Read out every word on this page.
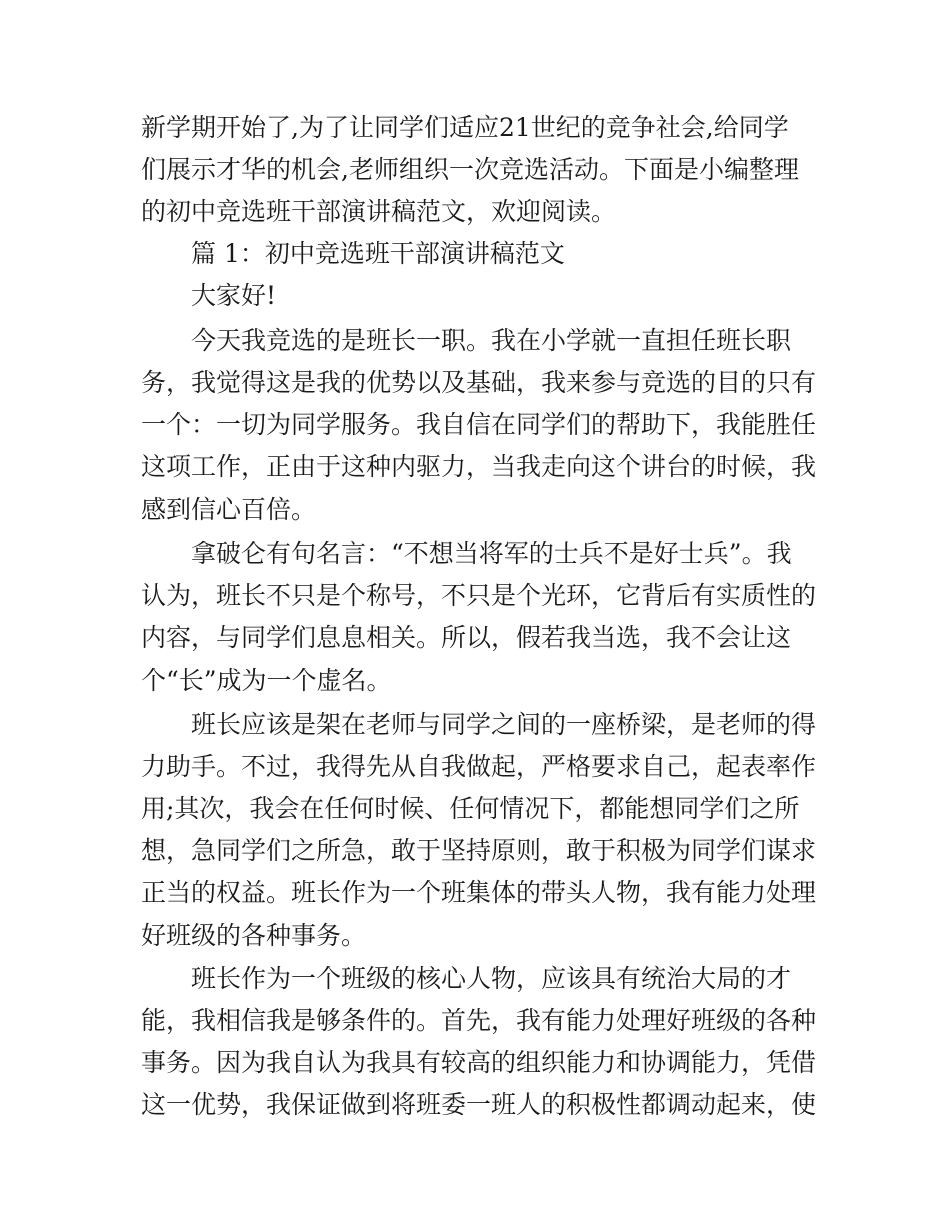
新学期开始了,为了让同学们适应21世纪的竞争社会,给同学
们展示才华的机会,老师组织一次竞选活动。下面是小编整理
的初中竞选班干部演讲稿范文，欢迎阅读。
篇 1：初中竞选班干部演讲稿范文
大家好!
今天我竞选的是班长一职。我在小学就一直担任班长职
务，我觉得这是我的优势以及基础，我来参与竞选的目的只有
一个：一切为同学服务。我自信在同学们的帮助下，我能胜任
这项工作，正由于这种内驱力，当我走向这个讲台的时候，我
感到信心百倍。
拿破仑有句名言：“不想当将军的士兵不是好士兵”。我
认为，班长不只是个称号，不只是个光环，它背后有实质性的
内容，与同学们息息相关。所以，假若我当选，我不会让这
个“长”成为一个虚名。
班长应该是架在老师与同学之间的一座桥梁，是老师的得
力助手。不过，我得先从自我做起，严格要求自己，起表率作
用;其次，我会在任何时候、任何情况下，都能想同学们之所
想，急同学们之所急，敢于坚持原则，敢于积极为同学们谋求
正当的权益。班长作为一个班集体的带头人物，我有能力处理
好班级的各种事务。
班长作为一个班级的核心人物，应该具有统治大局的才
能，我相信我是够条件的。首先，我有能力处理好班级的各种
事务。因为我自认为我具有较高的组织能力和协调能力，凭借
这一优势，我保证做到将班委一班人的积极性都调动起来，使
